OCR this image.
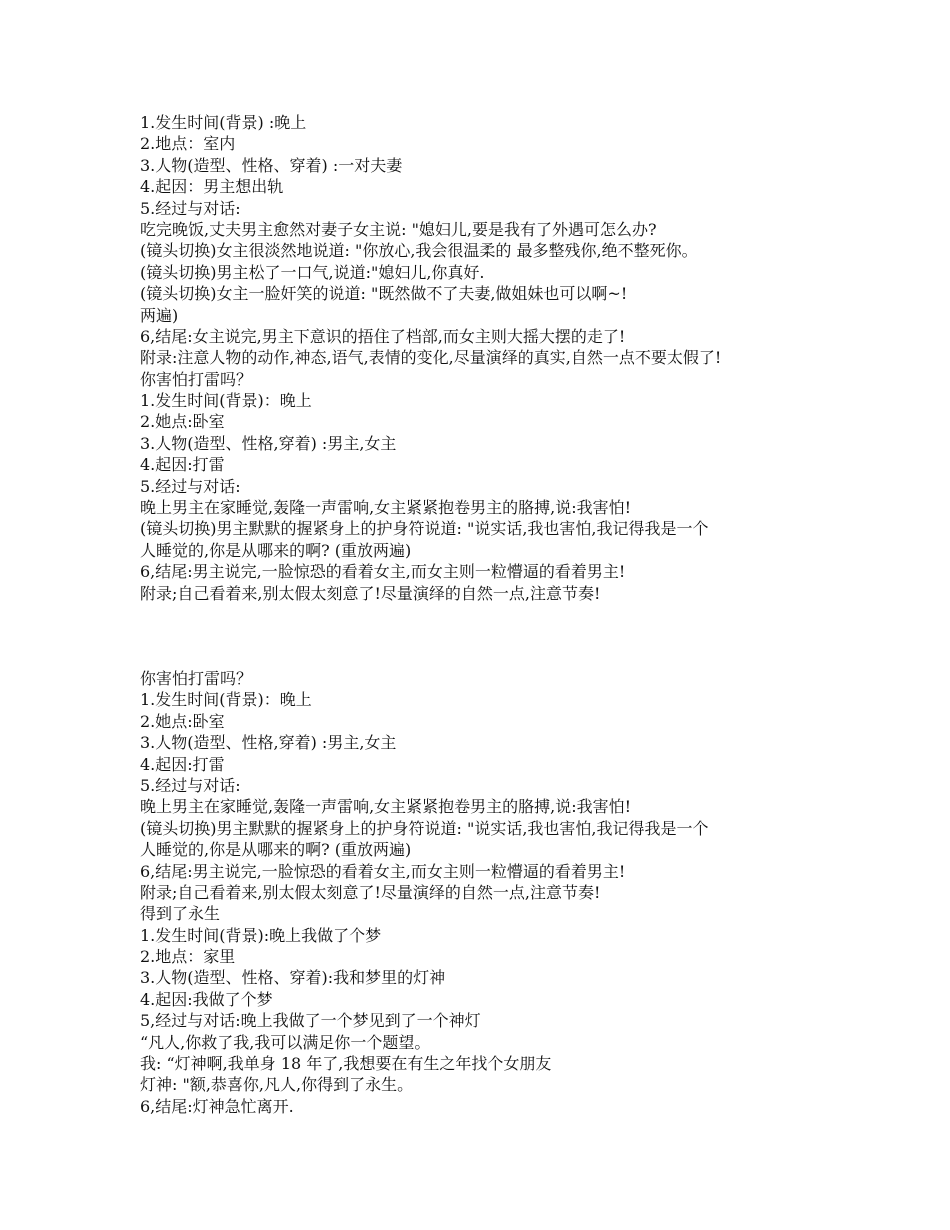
1.发生时间(背景) :晚上
2.地点：室内
3.人物(造型、性格、穿着) :一对夫妻
4.起因：男主想出轨
5.经过与对话:
吃完晚饭,丈夫男主愈然对妻子女主说: "媳妇儿,要是我有了外遇可怎么办?
(镜头切换)女主很淡然地说道: "你放心,我会很温柔的 最多整残你,绝不整死你。
(镜头切换)男主松了一口气,说道:"媳妇儿,你真好.
(镜头切换)女主一脸奸笑的说道: "既然做不了夫妻,做姐妹也可以啊~!
两遍)
6,结尾:女主说完,男主下意识的捂住了档部,而女主则大摇大摆的走了!
附录:注意人物的动作,神态,语气,表情的变化,尽量演绎的真实,自然一点不要太假了!
你害怕打雷吗？
1.发生时间(背景)：晚上
2.她点:卧室
3.人物(造型、性格,穿着) :男主,女主
4.起因:打雷
5.经过与对话:
晚上男主在家睡觉,轰隆一声雷响,女主紧紧抱卷男主的胳搏,说:我害怕!
(镜头切换)男主默默的握紧身上的护身符说道: "说实话,我也害怕,我记得我是一个
人睡觉的,你是从哪来的啊? (重放两遍)
6,结尾:男主说完,一脸惊恐的看着女主,而女主则一粒懵逼的看着男主!
附录;自己看着来,别太假太刻意了!尽量演绎的自然一点,注意节奏!
你害怕打雷吗？
1.发生时间(背景)：晚上
2.她点:卧室
3.人物(造型、性格,穿着) :男主,女主
4.起因:打雷
5.经过与对话:
晚上男主在家睡觉,轰隆一声雷响,女主紧紧抱卷男主的胳搏,说:我害怕!
(镜头切换)男主默默的握紧身上的护身符说道: "说实话,我也害怕,我记得我是一个
人睡觉的,你是从哪来的啊? (重放两遍)
6,结尾:男主说完,一脸惊恐的看着女主,而女主则一粒懵逼的看着男主!
附录;自己看着来,别太假太刻意了!尽量演绎的自然一点,注意节奏!
得到了永生
1.发生时间(背景):晚上我做了个梦
2.地点：家里
3.人物(造型、性格、穿着):我和梦里的灯神
4.起因:我做了个梦
5,经过与对话:晚上我做了一个梦见到了一个神灯
“凡人,你救了我,我可以满足你一个题望。
我: “灯神啊,我单身 18 年了,我想要在有生之年找个女朋友
灯神: "额,恭喜你,凡人,你得到了永生。
6,结尾:灯神急忙离开.
